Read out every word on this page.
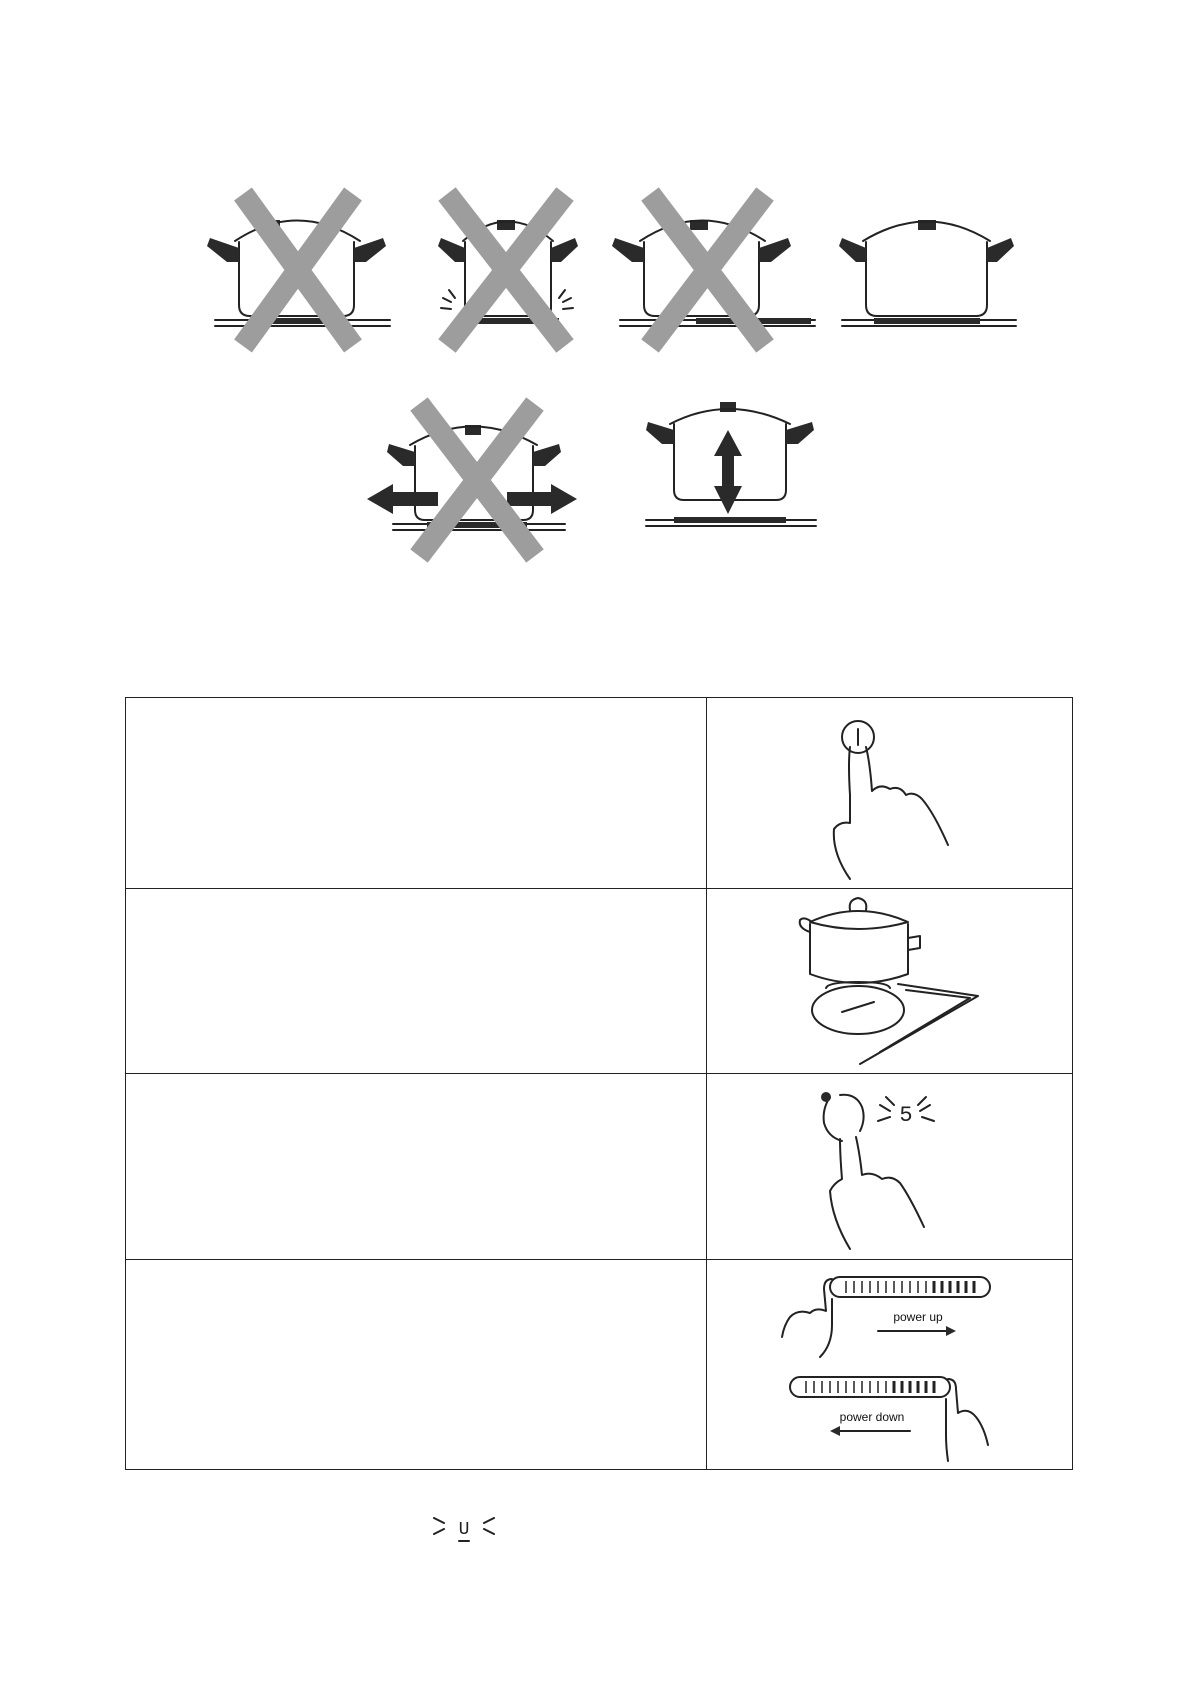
5

power up
power down
U
